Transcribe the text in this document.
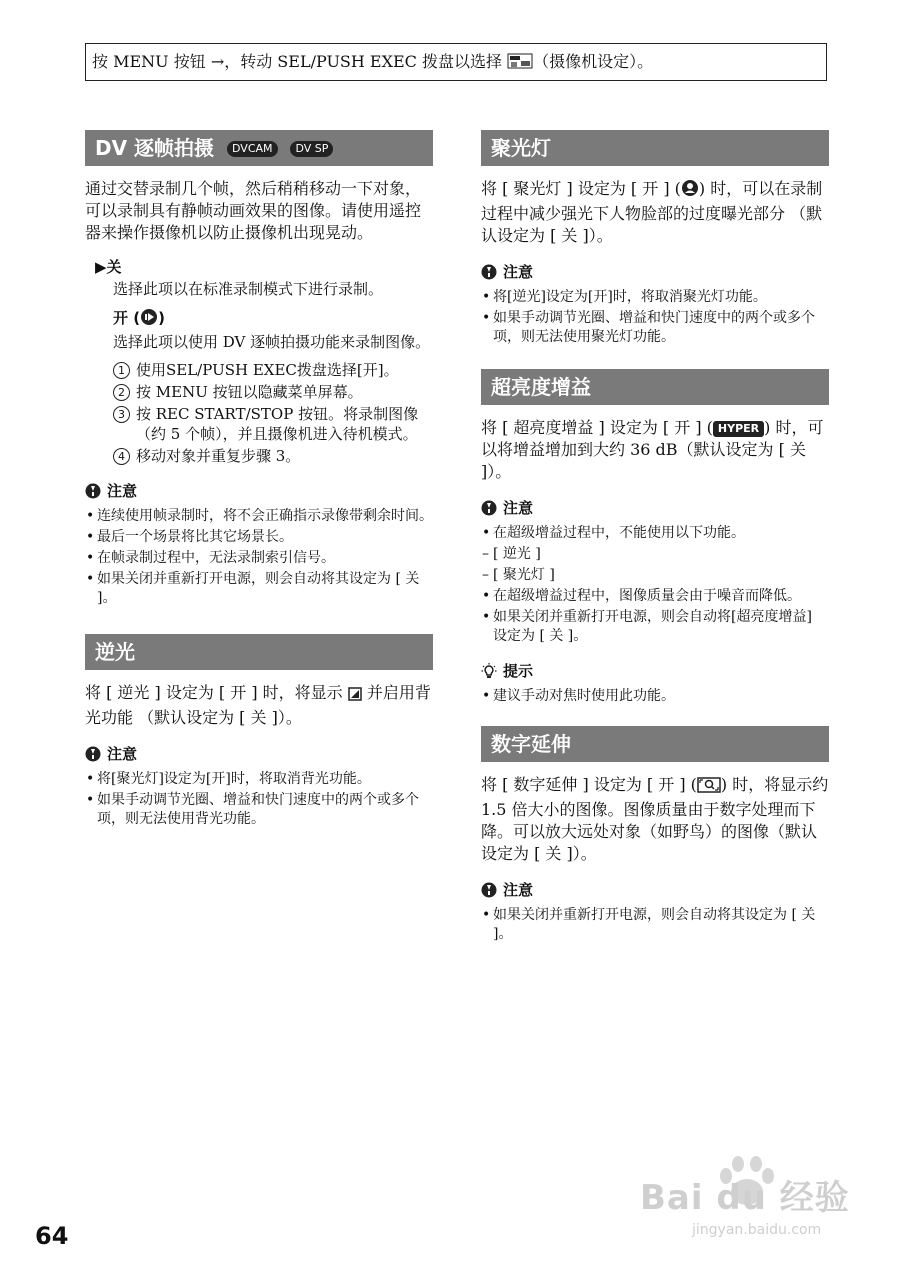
按 MENU 按钮 →，转动 SEL/PUSH EXEC 拨盘以选择 （摄像机设定）。
DV 逐帧拍摄 DVCAM DV SP

通过交替录制几个帧，然后稍稍移动一下对象，可以录制具有静帧动画效果的图像。请使用遥控器来操作摄像机以防止摄像机出现晃动。

▶关
选择此项以在标准录制模式下进行录制。
开 ( )
选择此项以使用 DV 逐帧拍摄功能来录制图像。
1 使用SEL/PUSH EXEC拨盘选择[开]。
2 按 MENU 按钮以隐藏菜单屏幕。
3 按 REC START/STOP 按钮。将录制图像（约 5 个帧），并且摄像机进入待机模式。
4 移动对象并重复步骤 3。
注意
• 连续使用帧录制时，将不会正确指示录像带剩余时间。
• 最后一个场景将比其它场景长。
• 在帧录制过程中，无法录制索引信号。
• 如果关闭并重新打开电源，则会自动将其设定为 [ 关 ]。
逆光

将 [ 逆光 ] 设定为 [ 开 ] 时，将显示  并启用背光功能 （默认设定为 [ 关 ]）。

注意
• 将[聚光灯]设定为[开]时，将取消背光功能。
• 如果手动调节光圈、增益和快门速度中的两个或多个项，则无法使用背光功能。
聚光灯

将 [ 聚光灯 ] 设定为 [ 开 ] ( ) 时，可以在录制过程中减少强光下人物脸部的过度曝光部分 （默认设定为 [ 关 ]）。

注意
• 将[逆光]设定为[开]时，将取消聚光灯功能。
• 如果手动调节光圈、增益和快门速度中的两个或多个项，则无法使用聚光灯功能。
超亮度增益

将 [ 超亮度增益 ] 设定为 [ 开 ] ( HYPER ) 时，可以将增益增加到大约 36 dB（默认设定为 [ 关 ]）。

注意
• 在超级增益过程中，不能使用以下功能。
– [ 逆光 ]
– [ 聚光灯 ]
• 在超级增益过程中，图像质量会由于噪音而降低。
• 如果关闭并重新打开电源，则会自动将[超亮度增益] 设定为 [ 关 ]。
提示
• 建议手动对焦时使用此功能。
数字延伸

将 [ 数字延伸 ] 设定为 [ 开 ] ( ) 时，将显示约 1.5 倍大小的图像。图像质量由于数字处理而下降。可以放大远处对象（如野鸟）的图像（默认设定为 [ 关 ]）。

注意
• 如果关闭并重新打开电源，则会自动将其设定为 [ 关 ]。
64
Bai du 经验
jingyan.baidu.com
